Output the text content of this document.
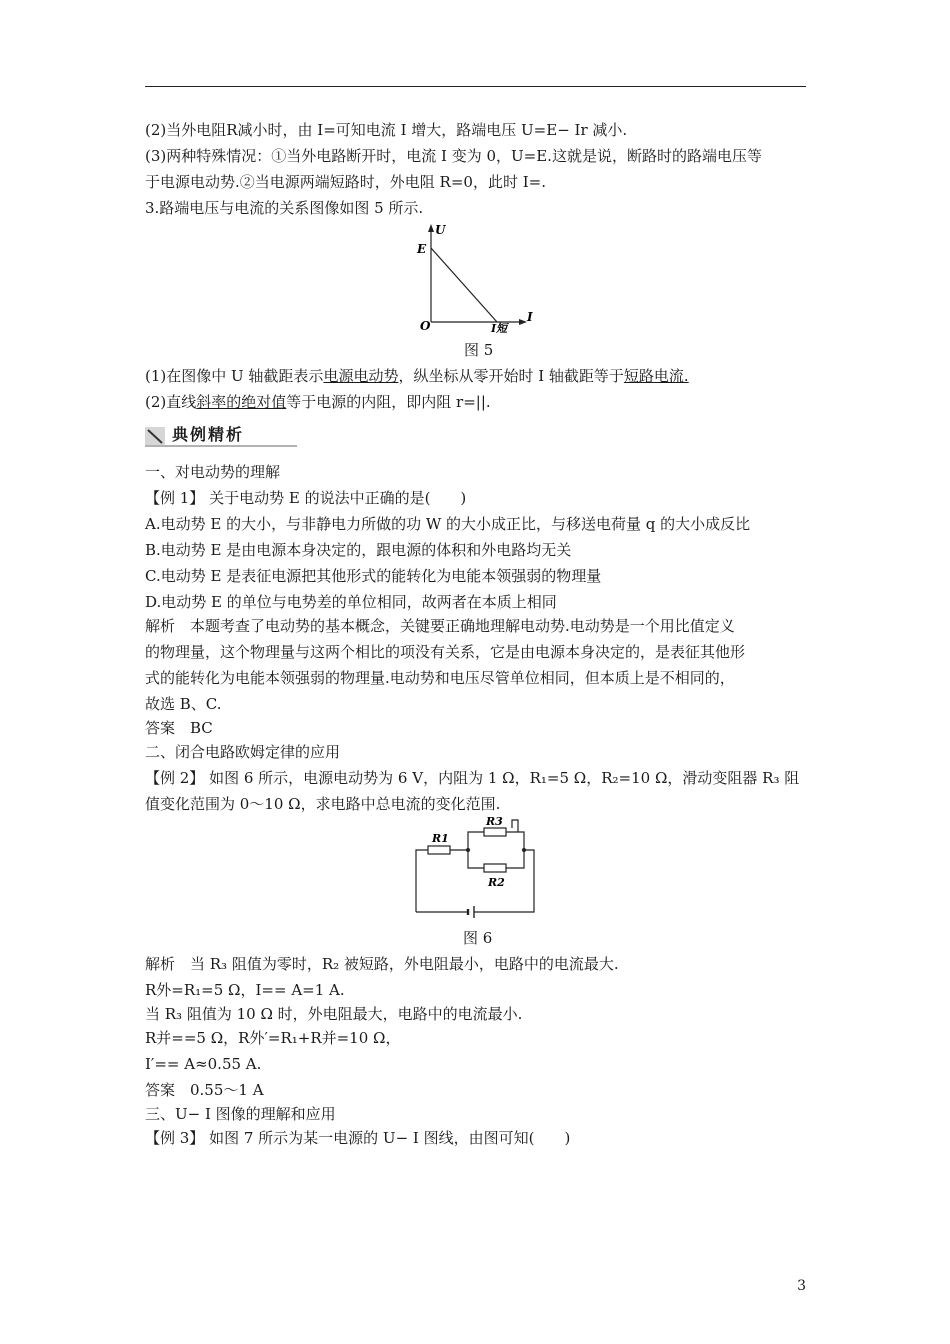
(2)当外电阻R减小时，由 I=可知电流 I 增大，路端电压 U=E− Ir 减小.
(3)两种特殊情况：①当外电路断开时，电流 I 变为 0，U=E.这就是说，断路时的路端电压等
于电源电动势.②当电源两端短路时，外电阻 R=0，此时 I=.
3.路端电压与电流的关系图像如图 5 所示.
U
E
O
I
I短
图 5
(1)在图像中 U 轴截距表示电源电动势，纵坐标从零开始时 I 轴截距等于短路电流.
(2)直线斜率的绝对值等于电源的内阻，即内阻 r=||.
典例精析
一、对电动势的理解
【例 1】 关于电动势 E 的说法中正确的是(　　)
A.电动势 E 的大小，与非静电力所做的功 W 的大小成正比，与移送电荷量 q 的大小成反比
B.电动势 E 是由电源本身决定的，跟电源的体积和外电路均无关
C.电动势 E 是表征电源把其他形式的能转化为电能本领强弱的物理量
D.电动势 E 的单位与电势差的单位相同，故两者在本质上相同
解析　本题考查了电动势的基本概念，关键要正确地理解电动势.电动势是一个用比值定义
的物理量，这个物理量与这两个相比的项没有关系，它是由电源本身决定的，是表征其他形
式的能转化为电能本领强弱的物理量.电动势和电压尽管单位相同，但本质上是不相同的，
故选 B、C.
答案　BC
二、闭合电路欧姆定律的应用
【例 2】 如图 6 所示，电源电动势为 6 V，内阻为 1 Ω，R₁=5 Ω，R₂=10 Ω，滑动变阻器 R₃ 阻
值变化范围为 0～10 Ω，求电路中总电流的变化范围.
R1
R3
R2
图 6
解析　当 R₃ 阻值为零时，R₂ 被短路，外电阻最小，电路中的电流最大.
R外=R₁=5 Ω，I== A=1 A.
当 R₃ 阻值为 10 Ω 时，外电阻最大，电路中的电流最小.
R并==5 Ω，R外′=R₁+R并=10 Ω，
I′== A≈0.55 A.
答案　0.55～1 A
三、U− I 图像的理解和应用
【例 3】 如图 7 所示为某一电源的 U− I 图线，由图可知(　　)
3
